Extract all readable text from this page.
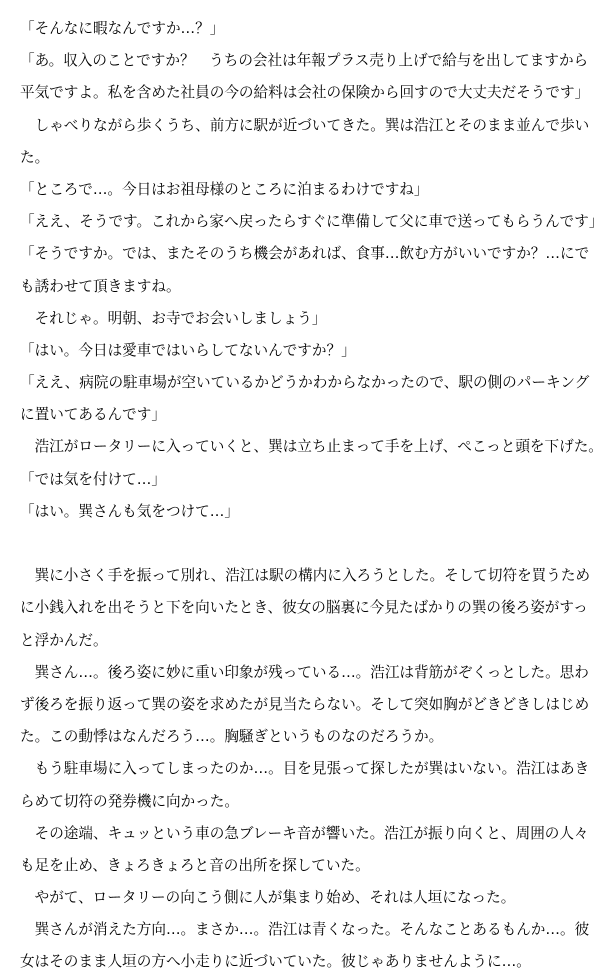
「そんなに暇なんですか…？」
「あ。収入のことですか？　うちの会社は年報プラス売り上げで給与を出してますから
平気ですよ。私を含めた社員の今の給料は会社の保険から回すので大丈夫だそうです」
　しゃべりながら歩くうち、前方に駅が近づいてきた。巽は浩江とそのまま並んで歩い
た。
「ところで…。今日はお祖母様のところに泊まるわけですね」
「ええ、そうです。これから家へ戻ったらすぐに準備して父に車で送ってもらうんです」
「そうですか。では、またそのうち機会があれば、食事…飲む方がいいですか？…にで
も誘わせて頂きますね。
　それじゃ。明朝、お寺でお会いしましょう」
「はい。今日は愛車ではいらしてないんですか？」
「ええ、病院の駐車場が空いているかどうかわからなかったので、駅の側のパーキング
に置いてあるんです」
　浩江がロータリーに入っていくと、巽は立ち止まって手を上げ、ぺこっと頭を下げた。
「では気を付けて…」
「はい。巽さんも気をつけて…」
　巽に小さく手を振って別れ、浩江は駅の構内に入ろうとした。そして切符を買うため
に小銭入れを出そうと下を向いたとき、彼女の脳裏に今見たばかりの巽の後ろ姿がすっ
と浮かんだ。
　巽さん…。後ろ姿に妙に重い印象が残っている…。浩江は背筋がぞくっとした。思わ
ず後ろを振り返って巽の姿を求めたが見当たらない。そして突如胸がどきどきしはじめ
た。この動悸はなんだろう…。胸騒ぎというものなのだろうか。
　もう駐車場に入ってしまったのか…。目を見張って探したが巽はいない。浩江はあき
らめて切符の発券機に向かった。
　その途端、キュッという車の急ブレーキ音が響いた。浩江が振り向くと、周囲の人々
も足を止め、きょろきょろと音の出所を探していた。
　やがて、ロータリーの向こう側に人が集まり始め、それは人垣になった。
　巽さんが消えた方向…。まさか…。浩江は青くなった。そんなことあるもんか…。彼
女はそのまま人垣の方へ小走りに近づいていた。彼じゃありませんように…。
